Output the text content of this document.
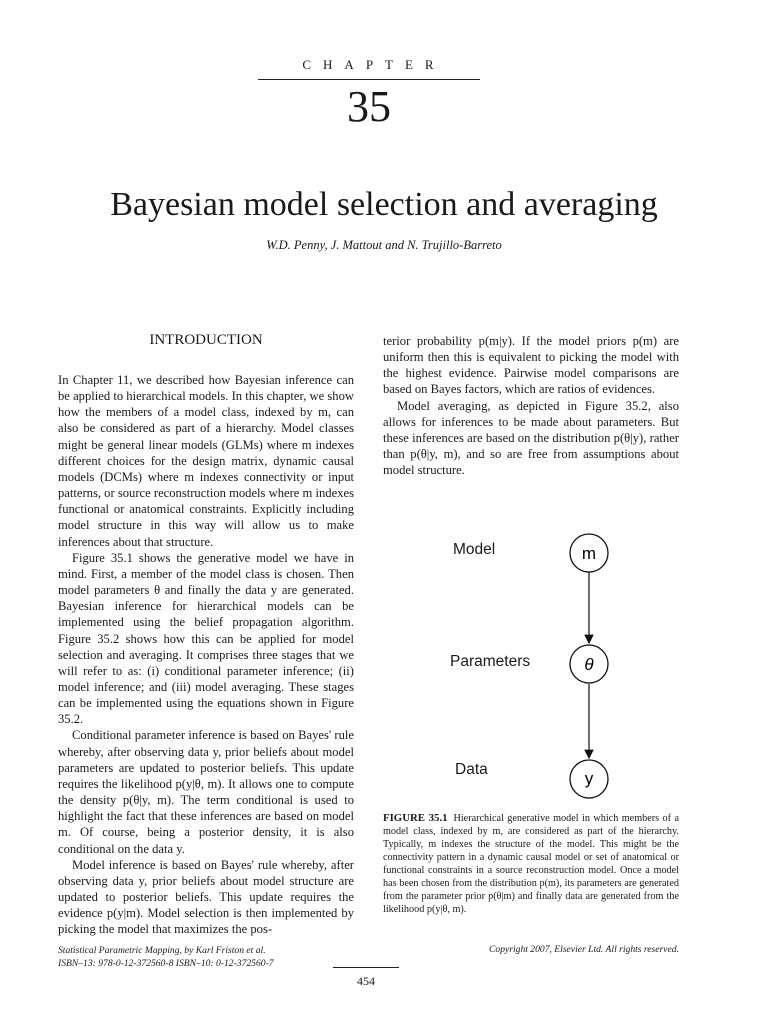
CHAPTER
35
Bayesian model selection and averaging
W.D. Penny, J. Mattout and N. Trujillo-Barreto
INTRODUCTION

In Chapter 11, we described how Bayesian inference can be applied to hierarchical models. In this chapter, we show how the members of a model class, indexed by m, can also be considered as part of a hierarchy. Model classes might be general linear models (GLMs) where m indexes different choices for the design matrix, dynamic causal models (DCMs) where m indexes connectivity or input patterns, or source reconstruction models where m indexes functional or anatomical constraints. Explicitly including model structure in this way will allow us to make inferences about that structure.

Figure 35.1 shows the generative model we have in mind. First, a member of the model class is chosen. Then model parameters θ and finally the data y are generated. Bayesian inference for hierarchical models can be implemented using the belief propagation algorithm. Figure 35.2 shows how this can be applied for model selection and averaging. It comprises three stages that we will refer to as: (i) conditional parameter inference; (ii) model inference; and (iii) model averaging. These stages can be implemented using the equations shown in Figure 35.2.

Conditional parameter inference is based on Bayes' rule whereby, after observing data y, prior beliefs about model parameters are updated to posterior beliefs. This update requires the likelihood p(y|θ, m). It allows one to compute the density p(θ|y, m). The term conditional is used to highlight the fact that these inferences are based on model m. Of course, being a posterior density, it is also conditional on the data y.

Model inference is based on Bayes' rule whereby, after observing data y, prior beliefs about model structure are updated to posterior beliefs. This update requires the evidence p(y|m). Model selection is then implemented by picking the model that maximizes the pos-

terior probability p(m|y). If the model priors p(m) are uniform then this is equivalent to picking the model with the highest evidence. Pairwise model comparisons are based on Bayes factors, which are ratios of evidences.

Model averaging, as depicted in Figure 35.2, also allows for inferences to be made about parameters. But these inferences are based on the distribution p(θ|y), rather than p(θ|y, m), and so are free from assumptions about model structure.

Model
Parameters
Data
m
θ
y
FIGURE 35.1 Hierarchical generative model in which members of a model class, indexed by m, are considered as part of the hierarchy. Typically, m indexes the structure of the model. This might be the connectivity pattern in a dynamic causal model or set of anatomical or functional constraints in a source reconstruction model. Once a model has been chosen from the distribution p(m), its parameters are generated from the parameter prior p(θ|m) and finally data are generated from the likelihood p(y|θ, m).
Statistical Parametric Mapping, by Karl Friston et al.
ISBN–13: 978-0-12-372560-8 ISBN–10: 0-12-372560-7
Copyright 2007, Elsevier Ltd. All rights reserved.
454
